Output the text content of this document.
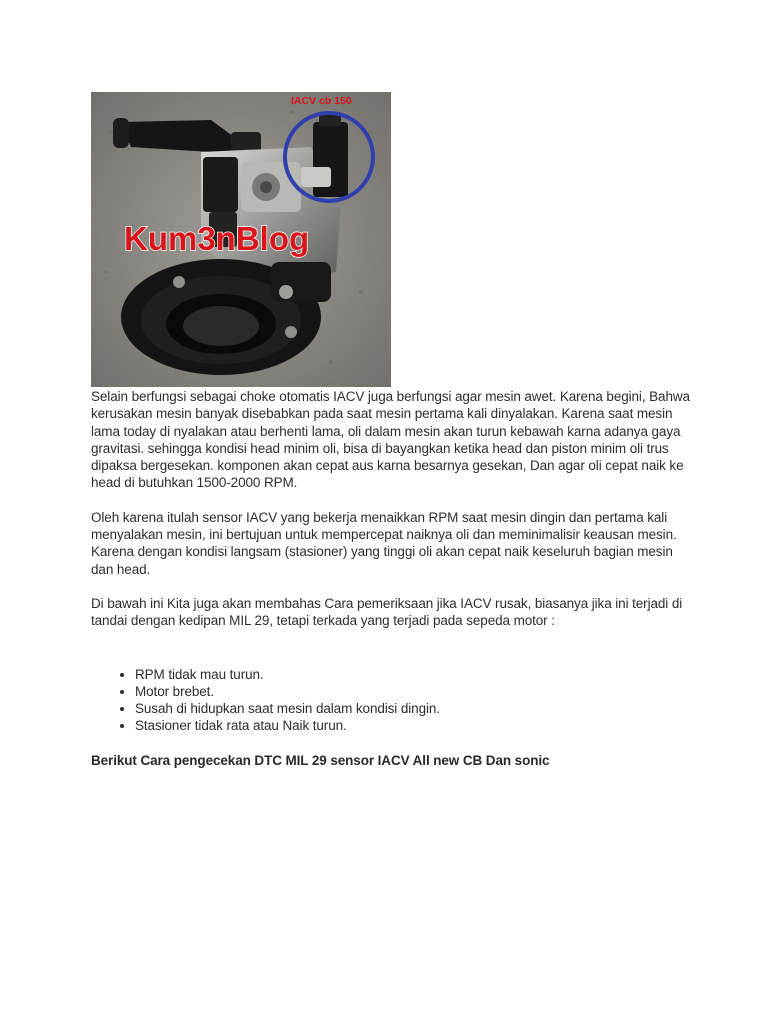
IACV cb 150
Kum3nBlog

Selain berfungsi sebagai choke otomatis IACV juga berfungsi agar mesin awet. Karena begini, Bahwa kerusakan mesin banyak disebabkan pada saat mesin pertama kali dinyalakan. Karena saat mesin lama today di nyalakan atau berhenti lama, oli dalam mesin akan turun kebawah karna adanya gaya gravitasi. sehingga kondisi head minim oli, bisa di bayangkan ketika head dan piston minim oli trus dipaksa bergesekan. komponen akan cepat aus karna besarnya gesekan, Dan agar oli cepat naik ke head di butuhkan 1500-2000 RPM.

Oleh karena itulah sensor IACV yang bekerja menaikkan RPM saat mesin dingin dan pertama kali menyalakan mesin, ini bertujuan untuk mempercepat naiknya oli dan meminimalisir keausan mesin. Karena dengan kondisi langsam (stasioner) yang tinggi oli akan cepat naik keseluruh bagian mesin dan head.

Di bawah ini Kita juga akan membahas Cara pemeriksaan jika IACV rusak, biasanya jika ini terjadi di tandai dengan kedipan MIL 29, tetapi terkada yang terjadi pada sepeda motor :

• RPM tidak mau turun.
• Motor brebet.
• Susah di hidupkan saat mesin dalam kondisi dingin.
• Stasioner tidak rata atau Naik turun.

Berikut Cara pengecekan DTC MIL 29 sensor IACV All new CB Dan sonic
